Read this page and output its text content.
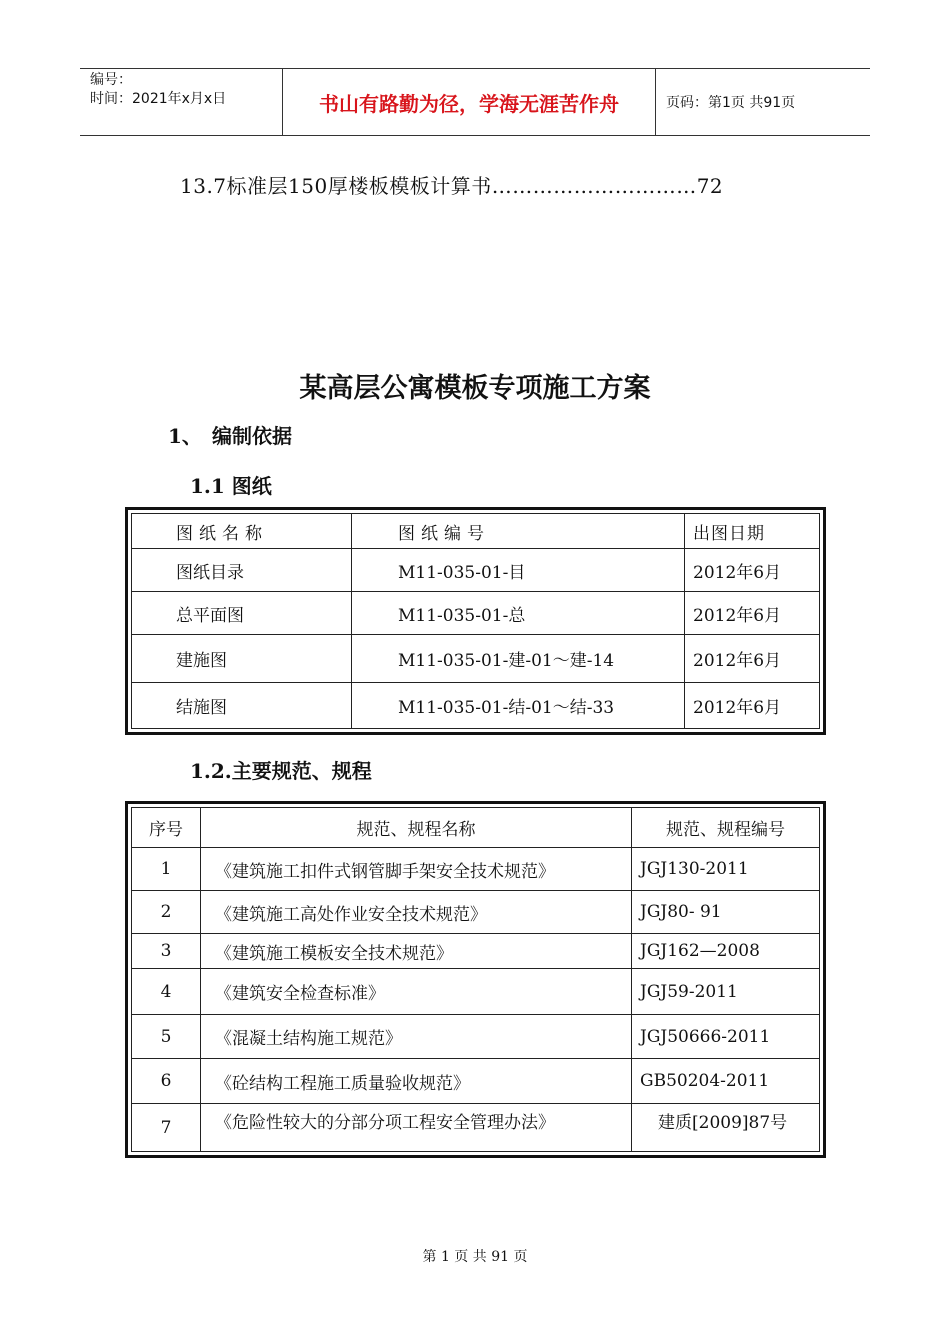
编号：
时间：2021年x月x日	书山有路勤为径，学海无涯苦作舟	页码：第1页 共91页
13.7标准层150厚楼板模板计算书…………………………72
某高层公寓模板专项施工方案
1、 编制依据
1.1 图纸
图纸名称	图纸编号	出图日期
图纸目录	M11-035-01-目	2012年6月
总平面图	M11-035-01-总	2012年6月
建施图	M11-035-01-建-01～建-14	2012年6月
结施图	M11-035-01-结-01～结-33	2012年6月
1.2.主要规范、规程
序号	规范、规程名称	规范、规程编号
1	《建筑施工扣件式钢管脚手架安全技术规范》	JGJ130-2011
2	《建筑施工高处作业安全技术规范》	JGJ80- 91
3	《建筑施工模板安全技术规范》	JGJ162—2008
4	《建筑安全检查标准》	JGJ59-2011
5	《混凝土结构施工规范》	JGJ50666-2011
6	《砼结构工程施工质量验收规范》	GB50204-2011
7	《危险性较大的分部分项工程安全管理办法》	建质[2009]87号
第 1 页 共 91 页
